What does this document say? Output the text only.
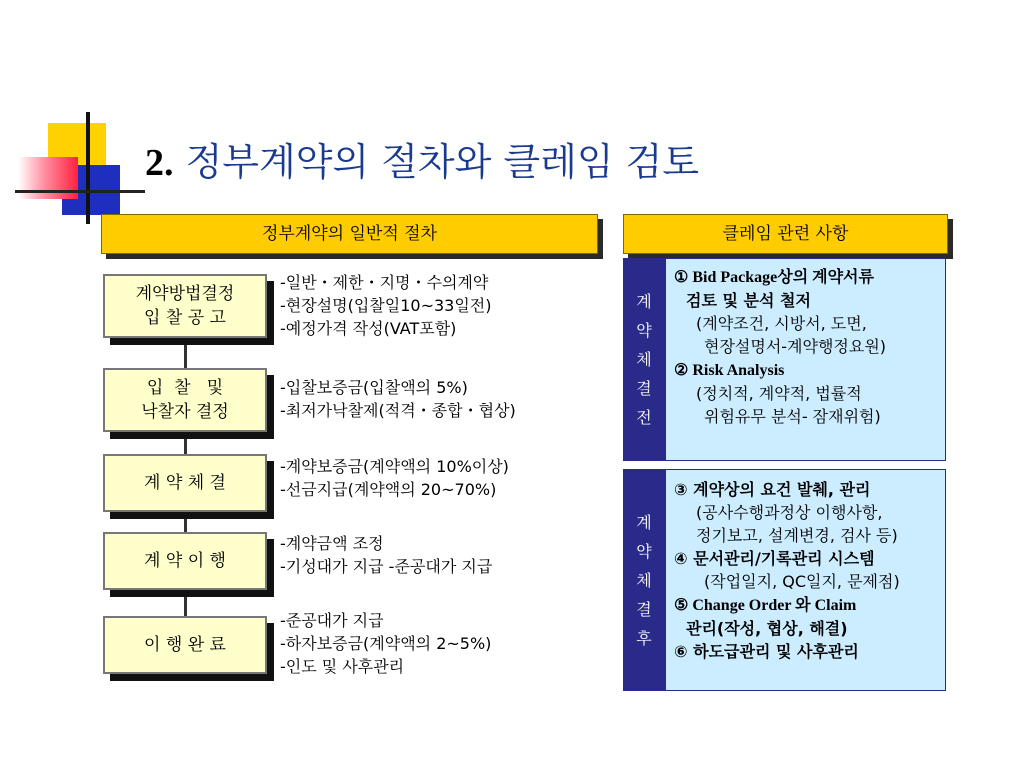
2. 정부계약의 절차와 클레임 검토
정부계약의 일반적 절차	클레임 관련 사항
계약방법결정
입 찰 공 고
-일반・제한・지명・수의계약
-현장설명(입찰일10~33일전)
-예정가격 작성(VAT포함)
입  찰   및
낙찰자 결정
-입찰보증금(입찰액의 5%)
-최저가낙찰제(적격・종합・협상)
계 약 체 결
-계약보증금(계약액의 10%이상)
-선금지급(계약액의 20~70%)
계 약 이 행
-계약금액 조정
-기성대가 지급 -준공대가 지급
이 행 완 료
-준공대가 지급
-하자보증금(계약액의 2~5%)
-인도 및 사후관리
계
약
체
결
전
① Bid Package상의 계약서류
검토 및 분석 철저
(계약조건, 시방서, 도면,
현장설명서-계약행정요원)
② Risk Analysis
(정치적, 계약적, 법률적
위험유무 분석- 잠재위험)
계
약
체
결
후
③ 계약상의 요건 발췌, 관리
(공사수행과정상 이행사항,
정기보고, 설계변경, 검사 등)
④ 문서관리/기록관리 시스템
(작업일지, QC일지, 문제점)
⑤ Change Order 와 Claim
관리(작성, 협상, 해결)
⑥ 하도급관리 및 사후관리
